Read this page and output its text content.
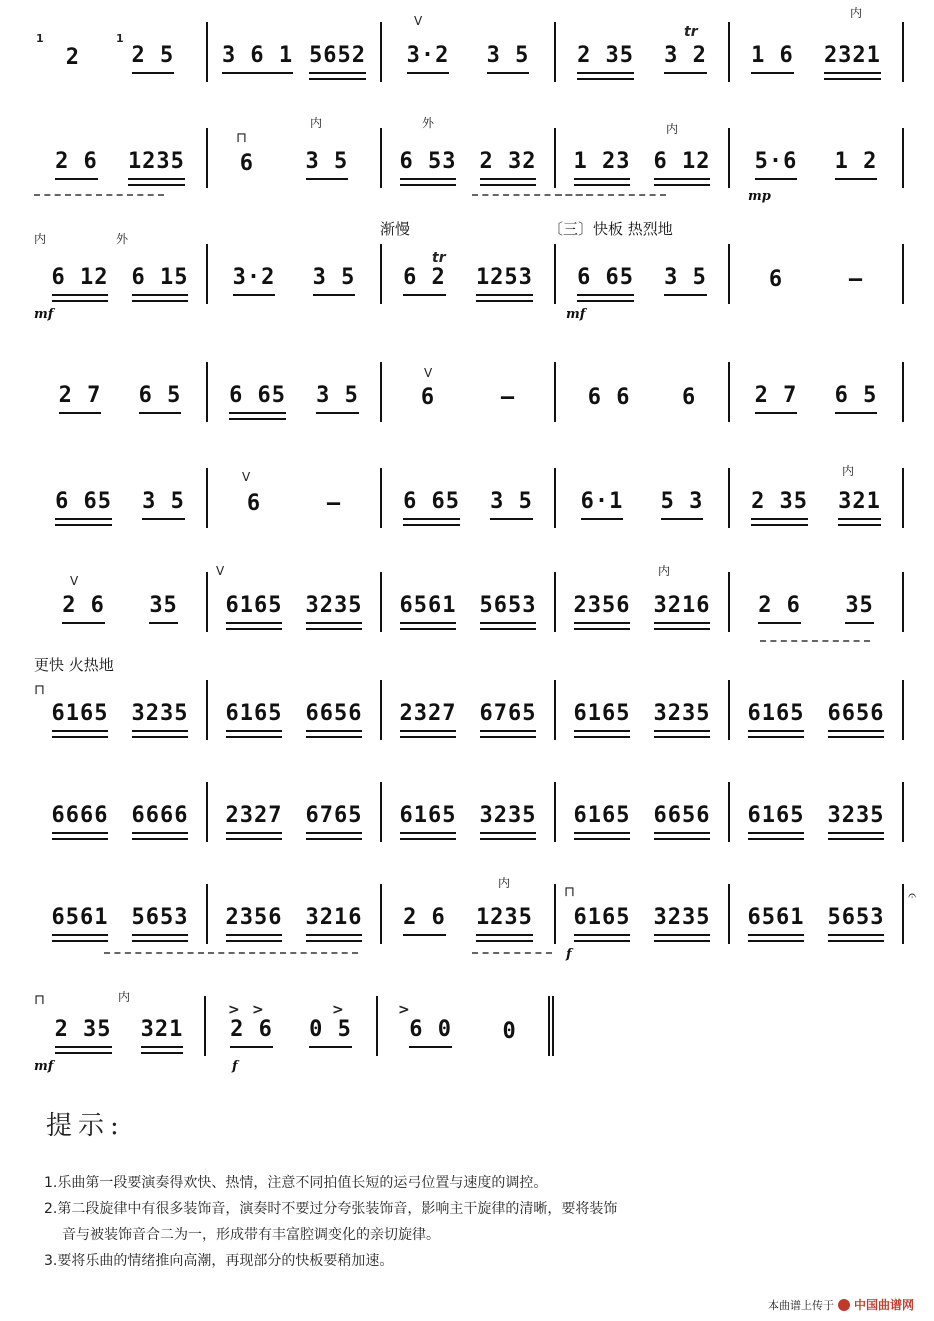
1	1
2 2 5 3 6 1 5652
V
3·2 3 5
tr
2 35 3 2
内
1 6 2321
2 6 1235
⊓
内
6 3 5
外
6 53 2 32
内
1 23 6 12
mp
5·6 1 2
内	外
渐慢	〔三〕快板 热烈地
mf
6 12 6 15 3·2 3 5
tr
6 2 1253
mf
6 65 3 5	6	—
2 7 6 5 6 65 3 5
V
6	—	6 6 6	2 7 6 5
6 65 3 5
V
6	—	6 65 3 5 6·1 5 3
内
2 35 321
V
2 6 35
V
6165 3235 6561 5653
内
2356 3216 2 6 35
更快 火热地
⊓
6165 3235 6165 6656 2327 6765 6165 3235 6165 6656
6666 6666 2327 6765 6165 3235 6165 6656 6165 3235
6561 5653 2356 3216
内
2 6 1235
⊓
f
6165 3235
𝄐
6561 5653
⊓	内
mf
2 35 321
> >	>
f
2 6 0 5
>
6 0 0
提示:
1.乐曲第一段要演奏得欢快、热情，注意不同拍值长短的运弓位置与速度的调控。
2.第二段旋律中有很多装饰音，演奏时不要过分夸张装饰音，影响主干旋律的清晰，要将装饰
音与被装饰音合二为一，形成带有丰富腔调变化的亲切旋律。
3.要将乐曲的情绪推向高潮，再现部分的快板要稍加速。
本曲谱上传于 中国曲谱网
